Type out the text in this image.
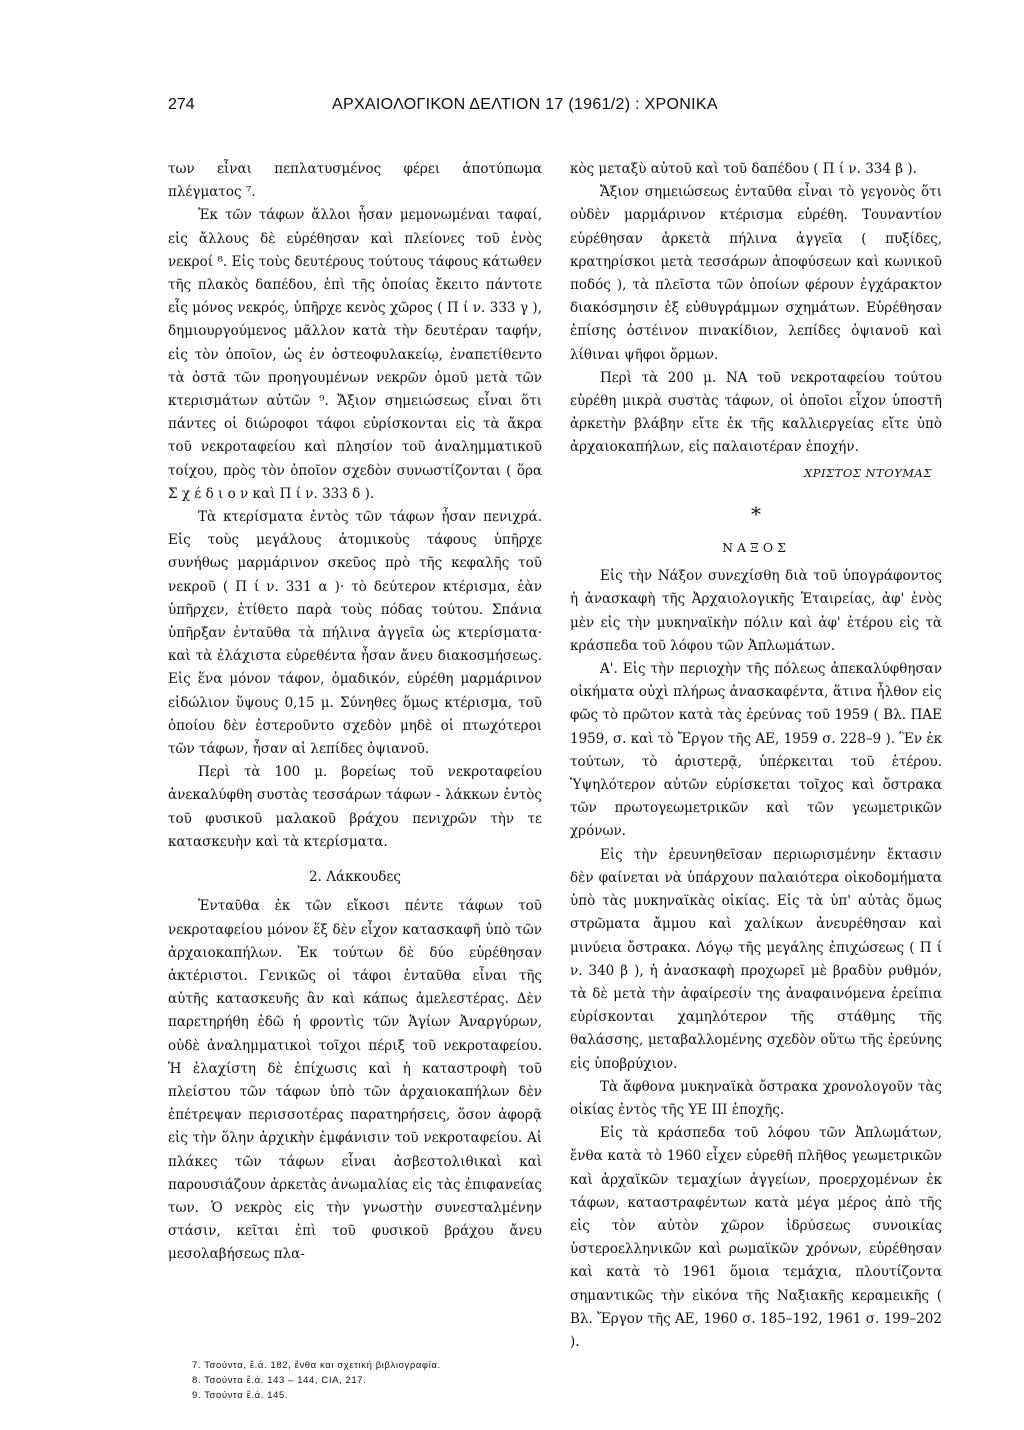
274	ΑΡΧΑΙΟΛΟΓΙΚΟΝ ΔΕΛΤΙΟΝ 17 (1961/2) : ΧΡΟΝΙΚΑ

των εἶναι πεπλατυσμένος φέρει ἀποτύπωμα πλέγματος ⁷.

Ἐκ τῶν τάφων ἄλλοι ἦσαν μεμονωμέναι ταφαί, εἰς ἄλλους δὲ εὑρέθησαν καὶ πλείονες τοῦ ἑνὸς νεκροί ⁸. Εἰς τοὺς δευτέρους τούτους τάφους κάτωθεν τῆς πλακὸς δαπέδου, ἐπὶ τῆς ὁποίας ἔκειτο πάντοτε εἷς μόνος νεκρός, ὑπῆρχε κενὸς χῶρος ( Π ί ν. 333 γ ), δημιουργούμενος μᾶλλον κατὰ τὴν δευτέραν ταφήν, εἰς τὸν ὁποῖον, ὡς ἐν ὀστεοφυλακείῳ, ἐναπετίθεντο τὰ ὀστᾶ τῶν προηγουμένων νεκρῶν ὁμοῦ μετὰ τῶν κτερισμάτων αὐτῶν ⁹. Ἄξιον σημειώσεως εἶναι ὅτι πάντες οἱ διώροφοι τάφοι εὑρίσκονται εἰς τὰ ἄκρα τοῦ νεκροταφείου καὶ πλησίον τοῦ ἀναλημματικοῦ τοίχου, πρὸς τὸν ὁποῖον σχεδὸν συνωστίζονται ( ὅρα Σ χ έ δ ι ο ν καὶ Π ί ν. 333 δ ).

Τὰ κτερίσματα ἐντὸς τῶν τάφων ἦσαν πενιχρά. Εἰς τοὺς μεγάλους ἀτομικοὺς τάφους ὑπῆρχε συνήθως μαρμάρινον σκεῦος πρὸ τῆς κεφαλῆς τοῦ νεκροῦ ( Π ί ν. 331 α )· τὸ δεύτερον κτέρισμα, ἐὰν ὑπῆρχεν, ἐτίθετο παρὰ τοὺς πόδας τούτου. Σπάνια ὑπῆρξαν ἐνταῦθα τὰ πήλινα ἀγγεῖα ὡς κτερίσματα· καὶ τὰ ἐλάχιστα εὑρεθέντα ἦσαν ἄνευ διακοσμήσεως. Εἰς ἕνα μόνον τάφον, ὁμαδικόν, εὑρέθη μαρμάρινον εἰδώλιον ὕψους 0,15 μ. Σύνηθες ὅμως κτέρισμα, τοῦ ὁποίου δὲν ἐστεροῦντο σχεδὸν μηδὲ οἱ πτωχότεροι τῶν τάφων, ἦσαν αἱ λεπίδες ὀψιανοῦ.

Περὶ τὰ 100 μ. βορείως τοῦ νεκροταφείου ἀνεκαλύφθη συστὰς τεσσάρων τάφων - λάκκων ἐντὸς τοῦ φυσικοῦ μαλακοῦ βράχου πενιχρῶν τὴν τε κατασκευὴν καὶ τὰ κτερίσματα.

2. Λάκκουδες

Ἐνταῦθα ἐκ τῶν εἴκοσι πέντε τάφων τοῦ νεκροταφείου μόνον ἕξ δὲν εἶχον κατασκαφῆ ὑπὸ τῶν ἀρχαιοκαπήλων. Ἐκ τούτων δὲ δύο εὑρέθησαν ἀκτέριστοι. Γενικῶς οἱ τάφοι ἐνταῦθα εἶναι τῆς αὐτῆς κατασκευῆς ἂν καὶ κάπως ἀμελεστέρας. Δὲν παρετηρήθη ἐδῶ ἡ φροντὶς τῶν Ἁγίων Ἀναργύρων, οὐδὲ ἀναλημματικοὶ τοῖχοι πέριξ τοῦ νεκροταφείου. Ἡ ἐλαχίστη δὲ ἐπίχωσις καὶ ἡ καταστροφὴ τοῦ πλείστου τῶν τάφων ὑπὸ τῶν ἀρχαιοκαπήλων δὲν ἐπέτρεψαν περισσοτέρας παρατηρήσεις, ὅσον ἀφορᾷ εἰς τὴν ὅλην ἀρχικὴν ἐμφάνισιν τοῦ νεκροταφείου. Αἱ πλάκες τῶν τάφων εἶναι ἀσβεστολιθικαὶ καὶ παρουσιάζουν ἀρκετὰς ἀνωμαλίας εἰς τὰς ἐπιφανείας των. Ὁ νεκρὸς εἰς τὴν γνωστὴν συνεσταλμένην στάσιν, κεῖται ἐπὶ τοῦ φυσικοῦ βράχου ἄνευ μεσολαβήσεως πλα-

κὸς μεταξὺ αὐτοῦ καὶ τοῦ δαπέδου ( Π ί ν. 334 β ).

Ἄξιον σημειώσεως ἐνταῦθα εἶναι τὸ γεγονὸς ὅτι οὐδὲν μαρμάρινον κτέρισμα εὑρέθη. Τουναντίον εὑρέθησαν ἀρκετὰ πήλινα ἀγγεῖα ( πυξίδες, κρατηρίσκοι μετὰ τεσσάρων ἀποφύσεων καὶ κωνικοῦ ποδός ), τὰ πλεῖστα τῶν ὁποίων φέρουν ἐγχάρακτον διακόσμησιν ἐξ εὐθυγράμμων σχημάτων. Εὑρέθησαν ἐπίσης ὀστέινον πινακίδιον, λεπίδες ὀψιανοῦ καὶ λίθιναι ψῆφοι ὅρμων.

Περὶ τὰ 200 μ. ΝΑ τοῦ νεκροταφείου τούτου εὑρέθη μικρὰ συστὰς τάφων, οἱ ὁποῖοι εἶχον ὑποστῆ ἀρκετὴν βλάβην εἴτε ἐκ τῆς καλλιεργείας εἴτε ὑπὸ ἀρχαιοκαπήλων, εἰς παλαιοτέραν ἐποχήν.

ΧΡΙΣΤΟΣ ΝΤΟΥΜΑΣ

*
ΝΑΞΟΣ

Εἰς τὴν Νάξον συνεχίσθη διὰ τοῦ ὑπογράφοντος ἡ ἀνασκαφὴ τῆς Ἀρχαιολογικῆς Ἑταιρείας, ἀφ' ἑνὸς μὲν εἰς τὴν μυκηναϊκὴν πόλιν καὶ ἀφ' ἑτέρου εἰς τὰ κράσπεδα τοῦ λόφου τῶν Ἀπλωμάτων.

Α'. Εἰς τὴν περιοχὴν τῆς πόλεως ἀπεκαλύφθησαν οἰκήματα οὐχὶ πλήρως ἀνασκαφέντα, ἅτινα ἦλθον εἰς φῶς τὸ πρῶτον κατὰ τὰς ἐρεύνας τοῦ 1959 ( Βλ. ΠΑΕ 1959, σ. καὶ τὸ Ἔργον τῆς ΑΕ, 1959 σ. 228–9 ). Ἓν ἐκ τούτων, τὸ ἀριστερᾷ, ὑπέρκειται τοῦ ἑτέρου. Ὑψηλότερον αὐτῶν εὑρίσκεται τοῖχος καὶ ὄστρακα τῶν πρωτογεωμετρικῶν καὶ τῶν γεωμετρικῶν χρόνων.

Εἰς τὴν ἐρευνηθεῖσαν περιωρισμένην ἔκτασιν δὲν φαίνεται νὰ ὑπάρχουν παλαιότερα οἰκοδομήματα ὑπὸ τὰς μυκηναϊκὰς οἰκίας. Εἰς τὰ ὑπ' αὐτὰς ὅμως στρῶματα ἄμμου καὶ χαλίκων ἀνευρέθησαν καὶ μινύεια ὄστρακα. Λόγῳ τῆς μεγάλης ἐπιχώσεως ( Π ί ν. 340 β ), ἡ ἀνασκαφὴ προχωρεῖ μὲ βραδὺν ρυθμόν, τὰ δὲ μετὰ τὴν ἀφαίρεσίν της ἀναφαινόμενα ἐρείπια εὑρίσκονται χαμηλότερον τῆς στάθμης τῆς θαλάσσης, μεταβαλλομένης σχεδὸν οὕτω τῆς ἐρεύνης εἰς ὑποβρύχιον.

Τὰ ἄφθονα μυκηναϊκὰ ὄστρακα χρονολογοῦν τὰς οἰκίας ἐντὸς τῆς ΥΕ ΙΙΙ ἐποχῆς.

Εἰς τὰ κράσπεδα τοῦ λόφου τῶν Ἀπλωμάτων, ἔνθα κατὰ τὸ 1960 εἶχεν εὑρεθῆ πλῆθος γεωμετρικῶν καὶ ἀρχαϊκῶν τεμαχίων ἀγγείων, προερχομένων ἐκ τάφων, καταστραφέντων κατὰ μέγα μέρος ἀπὸ τῆς εἰς τὸν αὐτὸν χῶρον ἱδρύσεως συνοικίας ὑστεροελληνικῶν καὶ ρωμαϊκῶν χρόνων, εὑρέθησαν καὶ κατὰ τὸ 1961 ὅμοια τεμάχια, πλουτίζοντα σημαντικῶς τὴν εἰκόνα τῆς Ναξιακῆς κεραμεικῆς ( Βλ. Ἔργον τῆς ΑΕ, 1960 σ. 185–192, 1961 σ. 199–202 ).

7. Τσούντα, ἔ.ἀ. 182, ἔνθα και σχετική βιβλιογραφία.
8. Τσούντα ἔ.ἀ. 143 – 144, CIA, 217.
9. Τσούντα ἔ.ἀ. 145.
